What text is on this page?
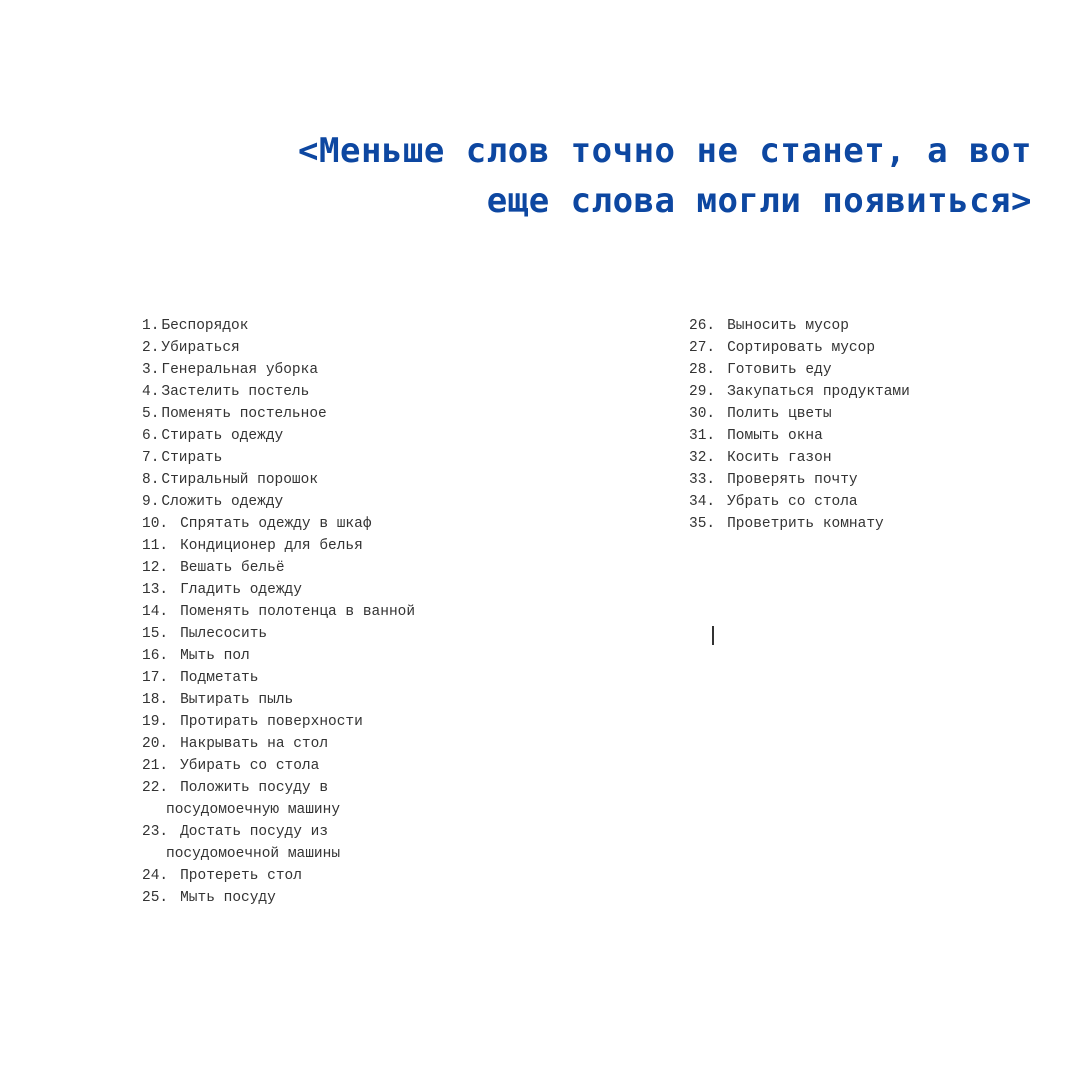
<Меньше слов точно не станет, а вот
еще слова могли появиться>
1. Беспорядок
2. Убираться
3. Генеральная уборка
4. Застелить постель
5. Поменять постельное
6. Стирать одежду
7. Стирать
8. Стиральный порошок
9. Сложить одежду
10. Спрятать одежду в шкаф
11. Кондиционер для белья
12. Вешать бельё
13. Гладить одежду
14. Поменять полотенца в ванной
15. Пылесосить
16. Мыть пол
17. Подметать
18. Вытирать пыль
19. Протирать поверхности
20. Накрывать на стол
21. Убирать со стола
22. Положить посуду в
посудомоечную машину
23. Достать посуду из
посудомоечной машины
24. Протереть стол
25. Мыть посуду
26. Выносить мусор
27. Сортировать мусор
28. Готовить еду
29. Закупаться продуктами
30. Полить цветы
31. Помыть окна
32. Косить газон
33. Проверять почту
34. Убрать со стола
35. Проветрить комнату
